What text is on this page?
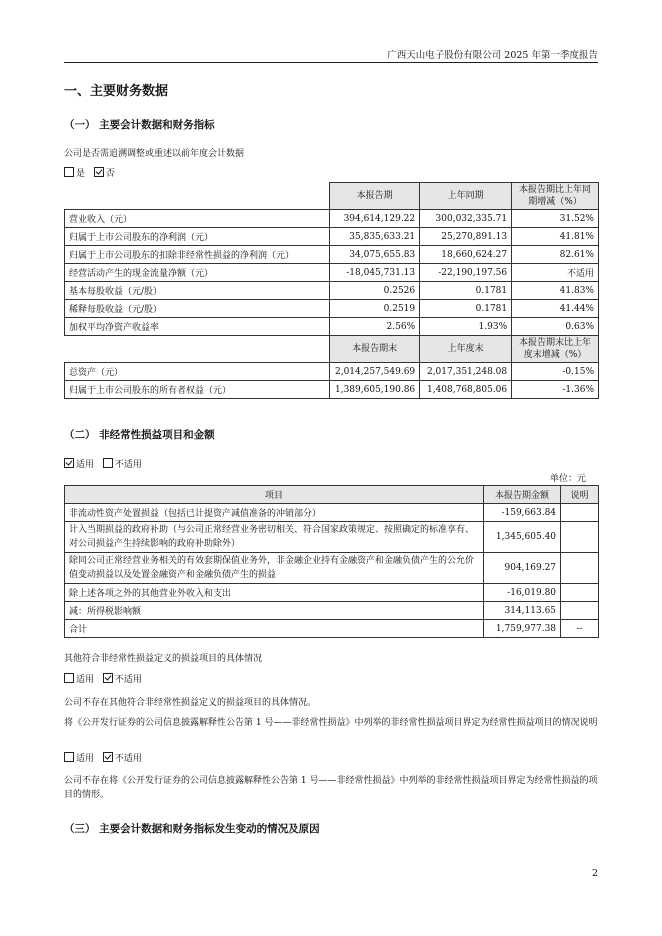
广西天山电子股份有限公司 2025 年第一季度报告
一、主要财务数据
（一） 主要会计数据和财务指标
公司是否需追溯调整或重述以前年度会计数据
是 否
	本报告期	上年同期	本报告期比上年同期增减（%）
营业收入（元）	394,614,129.22	300,032,335.71	31.52%
归属于上市公司股东的净利润（元）	35,835,633.21	25,270,891.13	41.81%
归属于上市公司股东的扣除非经常性损益的净利润（元）	34,075,655.83	18,660,624.27	82.61%
经营活动产生的现金流量净额（元）	-18,045,731.13	-22,190,197.56	不适用
基本每股收益（元/股）	0.2526	0.1781	41.83%
稀释每股收益（元/股）	0.2519	0.1781	41.44%
加权平均净资产收益率	2.56%	1.93%	0.63%
	本报告期末	上年度末	本报告期末比上年度末增减（%）
总资产（元）	2,014,257,549.69	2,017,351,248.08	-0.15%
归属于上市公司股东的所有者权益（元）	1,389,605,190.86	1,408,768,805.06	-1.36%
（二） 非经常性损益项目和金额
适用 不适用
单位：元
项目	本报告期金额	说明
非流动性资产处置损益（包括已计提资产减值准备的冲销部分）	-159,663.84	
计入当期损益的政府补助（与公司正常经营业务密切相关、符合国家政策规定、按照确定的标准享有、对公司损益产生持续影响的政府补助除外）	1,345,605.40	
除同公司正常经营业务相关的有效套期保值业务外，非金融企业持有金融资产和金融负债产生的公允价值变动损益以及处置金融资产和金融负债产生的损益	904,169.27	
除上述各项之外的其他营业外收入和支出	-16,019.80	
减：所得税影响额	314,113.65	
合计	1,759,977.38	--
其他符合非经常性损益定义的损益项目的具体情况
适用 不适用
公司不存在其他符合非经常性损益定义的损益项目的具体情况。
将《公开发行证券的公司信息披露解释性公告第 1 号——非经常性损益》中列举的非经常性损益项目界定为经常性损益项目的情况说明
适用 不适用
公司不存在将《公开发行证券的公司信息披露解释性公告第 1 号——非经常性损益》中列举的非经常性损益项目界定为经常性损益的项目的情形。
（三） 主要会计数据和财务指标发生变动的情况及原因
2
